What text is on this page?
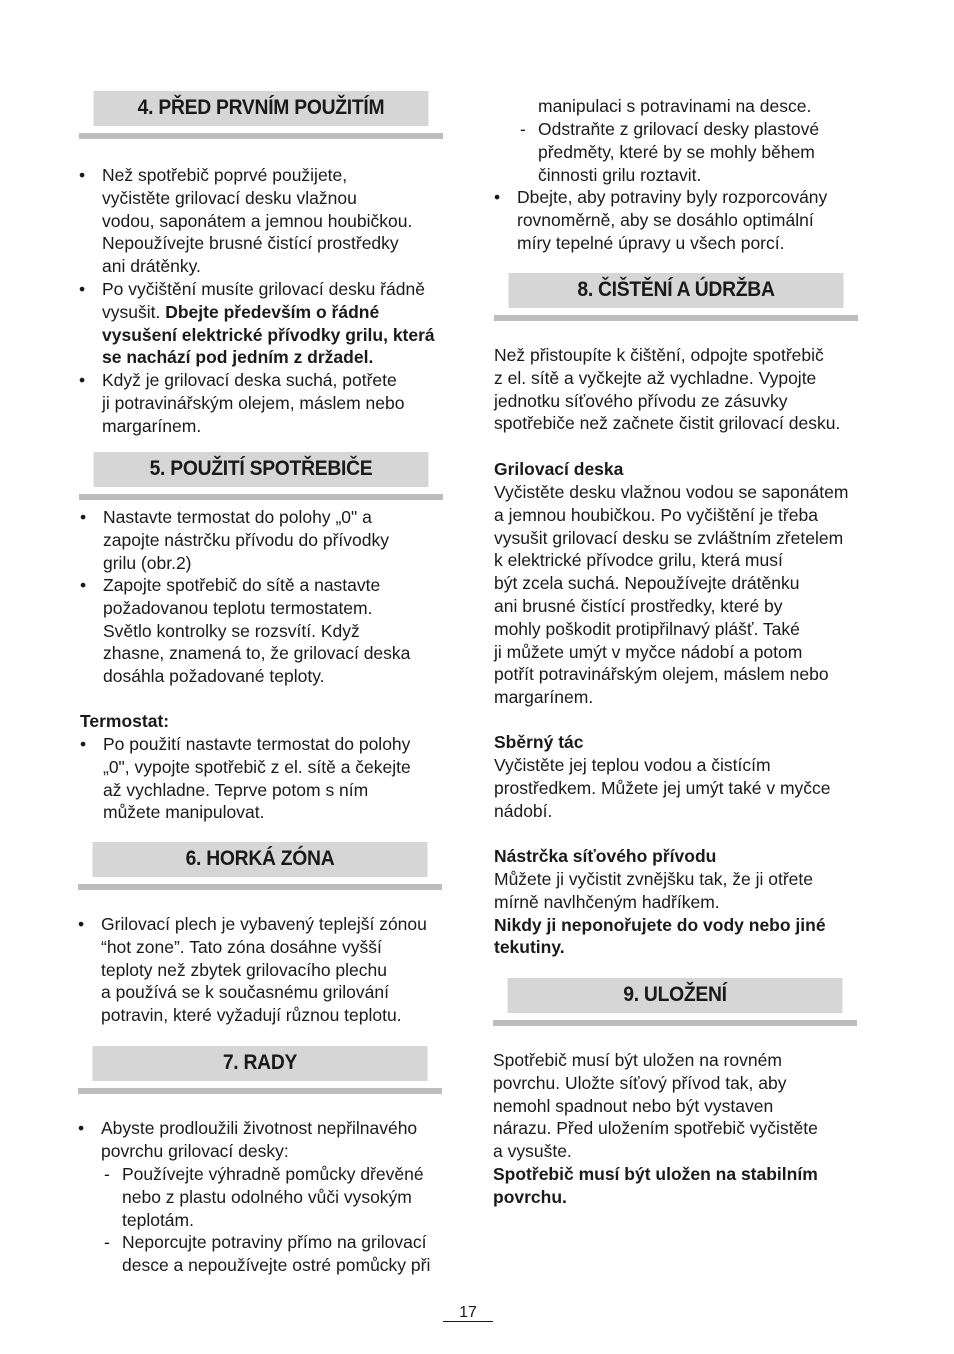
4. PŘED PRVNÍM POUŽITÍM
• Než spotřebič poprvé použijete,
vyčistěte grilovací desku vlažnou
vodou, saponátem a jemnou houbičkou.
Nepoužívejte brusné čistící prostředky
ani drátěnky.
• Po vyčištění musíte grilovací desku řádně
vysušit. Dbejte především o řádné
vysušení elektrické přívodky grilu, která
se nachází pod jedním z držadel.
• Když je grilovací deska suchá, potřete
ji potravinářským olejem, máslem nebo
margarínem.
5. POUŽITÍ SPOTŘEBIČE
• Nastavte termostat do polohy „0" a
zapojte nástrčku přívodu do přívodky
grilu (obr.2)
• Zapojte spotřebič do sítě a nastavte
požadovanou teplotu termostatem.
Světlo kontrolky se rozsvítí. Když
zhasne, znamená to, že grilovací deska
dosáhla požadované teploty.
Termostat:
• Po použití nastavte termostat do polohy
„0", vypojte spotřebič z el. sítě a čekejte
až vychladne. Teprve potom s ním
můžete manipulovat.
6. HORKÁ ZÓNA
• Grilovací plech je vybavený teplejší zónou
“hot zone”. Tato zóna dosáhne vyšší
teploty než zbytek grilovacího plechu
a používá se k současnému grilování
potravin, které vyžadují různou teplotu.
7. RADY
• Abyste prodloužili životnost nepřilnavého
povrchu grilovací desky:
- Používejte výhradně pomůcky dřevěné
nebo z plastu odolného vůči vysokým
teplotám.
- Neporcujte potraviny přímo na grilovací
desce a nepoužívejte ostré pomůcky při
manipulaci s potravinami na desce.
- Odstraňte z grilovací desky plastové
předměty, které by se mohly během
činnosti grilu roztavit.
• Dbejte, aby potraviny byly rozporcovány
rovnoměrně, aby se dosáhlo optimální
míry tepelné úpravy u všech porcí.
8. ČIŠTĚNÍ A ÚDRŽBA
Než přistoupíte k čištění, odpojte spotřebič
z el. sítě a vyčkejte až vychladne. Vypojte
jednotku síťového přívodu ze zásuvky
spotřebiče než začnete čistit grilovací desku.
Grilovací deska
Vyčistěte desku vlažnou vodou se saponátem
a jemnou houbičkou. Po vyčištění je třeba
vysušit grilovací desku se zvláštním zřetelem
k elektrické přívodce grilu, která musí
být zcela suchá. Nepoužívejte drátěnku
ani brusné čistící prostředky, které by
mohly poškodit protipřilnavý plášť. Také
ji můžete umýt v myčce nádobí a potom
potřít potravinářským olejem, máslem nebo
margarínem.
Sběrný tác
Vyčistěte jej teplou vodou a čistícím
prostředkem. Můžete jej umýt také v myčce
nádobí.
Nástrčka síťového přívodu
Můžete ji vyčistit zvnějšku tak, že ji otřete
mírně navlhčeným hadříkem.
Nikdy ji neponořujete do vody nebo jiné
tekutiny.
9. ULOŽENÍ
Spotřebič musí být uložen na rovném
povrchu. Uložte síťový přívod tak, aby
nemohl spadnout nebo být vystaven
nárazu. Před uložením spotřebič vyčistěte
a vysušte.
Spotřebič musí být uložen na stabilním
povrchu.
17
